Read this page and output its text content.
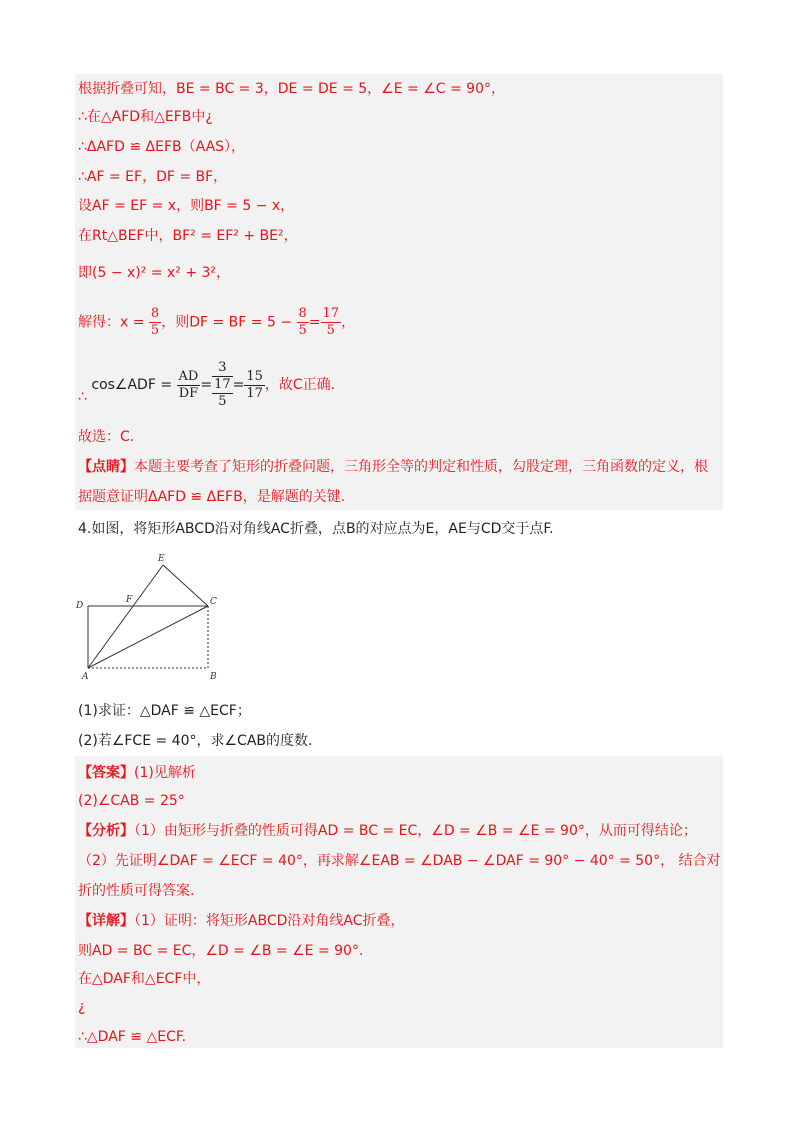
根据折叠可知，BE = BC = 3，DE = DE = 5，∠E = ∠C = 90°，
∴在△AFD和△EFB中¿
∴ΔAFD ≌ ΔEFB（AAS），
∴AF = EF，DF = BF，
设AF = EF = x，则BF = 5 − x，
在Rt△BEF中，BF² = EF² + BE²，
即(5 − x)² = x² + 3²，
解得：$x = \frac{8}{5}$ ，则DF = BF = $5 - \frac{8}{5} = \frac{17}{5}$ ，
∴ cos∠ADF = $\frac{AD}{DF}$ =
3
17
5
= $\frac{15}{17}$ ，故C正确.
故选：C.
【点睛】本题主要考查了矩形的折叠问题，三角形全等的判定和性质，勾股定理，三角函数的定义，根
据题意证明ΔAFD ≌ ΔEFB，是解题的关键.
4.如图，将矩形ABCD沿对角线AC折叠，点B的对应点为E，AE与CD交于点F.
E
D
F	C
A	B
(1)求证：△DAF ≌ △ECF；
(2)若∠FCE = 40°，求∠CAB的度数.
【答案】(1)见解析
(2)∠CAB = 25°
【分析】（1）由矩形与折叠的性质可得AD = BC = EC，∠D = ∠B = ∠E = 90°，从而可得结论；
（2）先证明∠DAF = ∠ECF = 40°，再求解∠EAB = ∠DAB − ∠DAF = 90° − 40° = 50°， 结合对
折的性质可得答案.
【详解】（1）证明：将矩形ABCD沿对角线AC折叠，
则AD = BC = EC，∠D = ∠B = ∠E = 90°.
在△DAF和△ECF中，
¿
∴△DAF ≌ △ECF.
